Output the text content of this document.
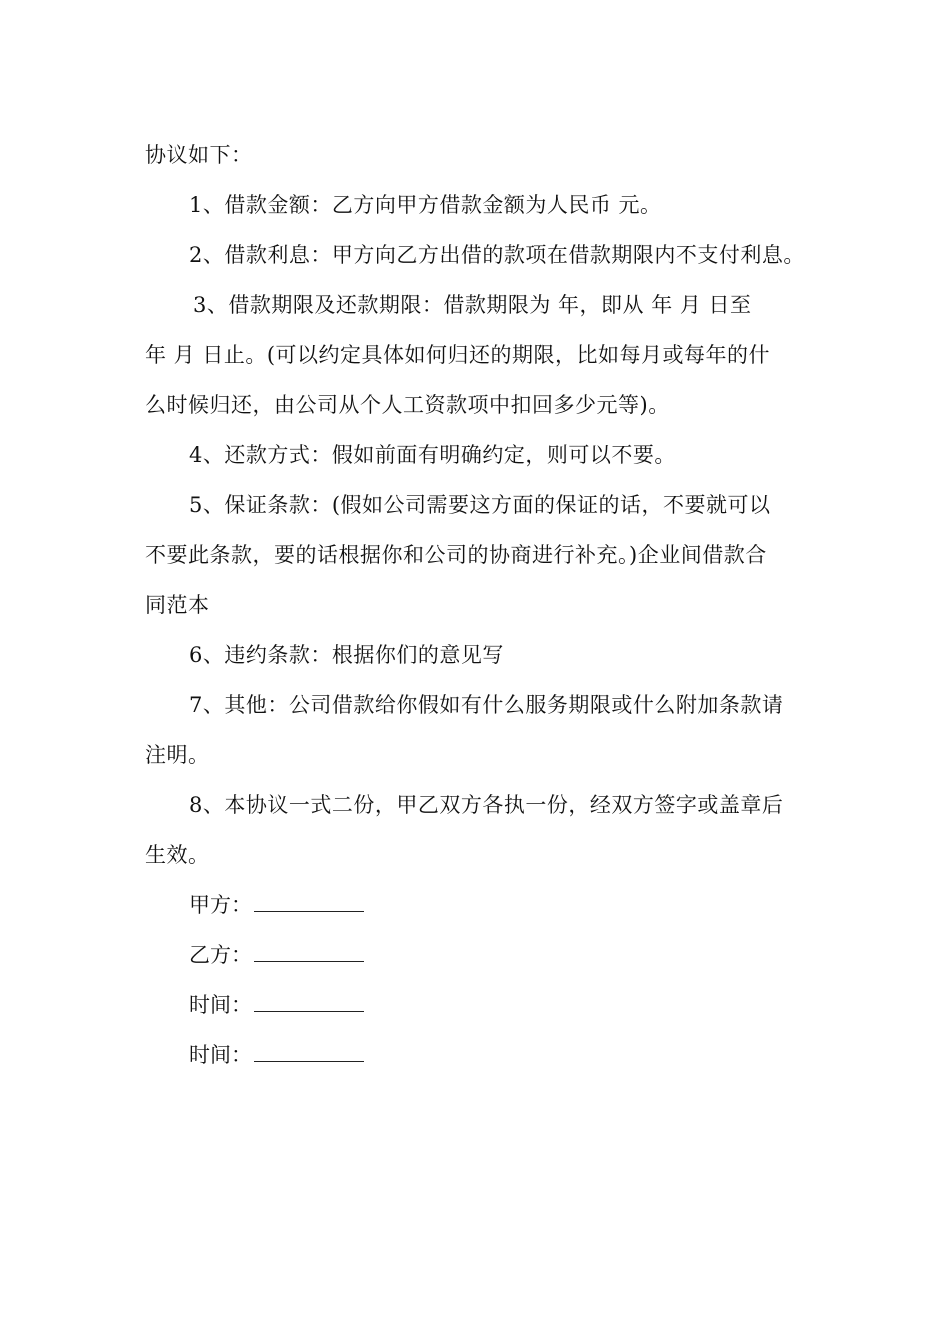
协议如下：
1、借款金额：乙方向甲方借款金额为人民币 元。
2、借款利息：甲方向乙方出借的款项在借款期限内不支付利息。
3、借款期限及还款期限：借款期限为 年，即从 年 月 日至
年 月 日止。(可以约定具体如何归还的期限，比如每月或每年的什
么时候归还，由公司从个人工资款项中扣回多少元等)。
4、还款方式：假如前面有明确约定，则可以不要。
5、保证条款：(假如公司需要这方面的保证的话，不要就可以
不要此条款，要的话根据你和公司的协商进行补充。)企业间借款合
同范本
6、违约条款：根据你们的意见写
7、其他：公司借款给你假如有什么服务期限或什么附加条款请
注明。
8、本协议一式二份，甲乙双方各执一份，经双方签字或盖章后
生效。
甲方：
乙方：
时间：
时间：
